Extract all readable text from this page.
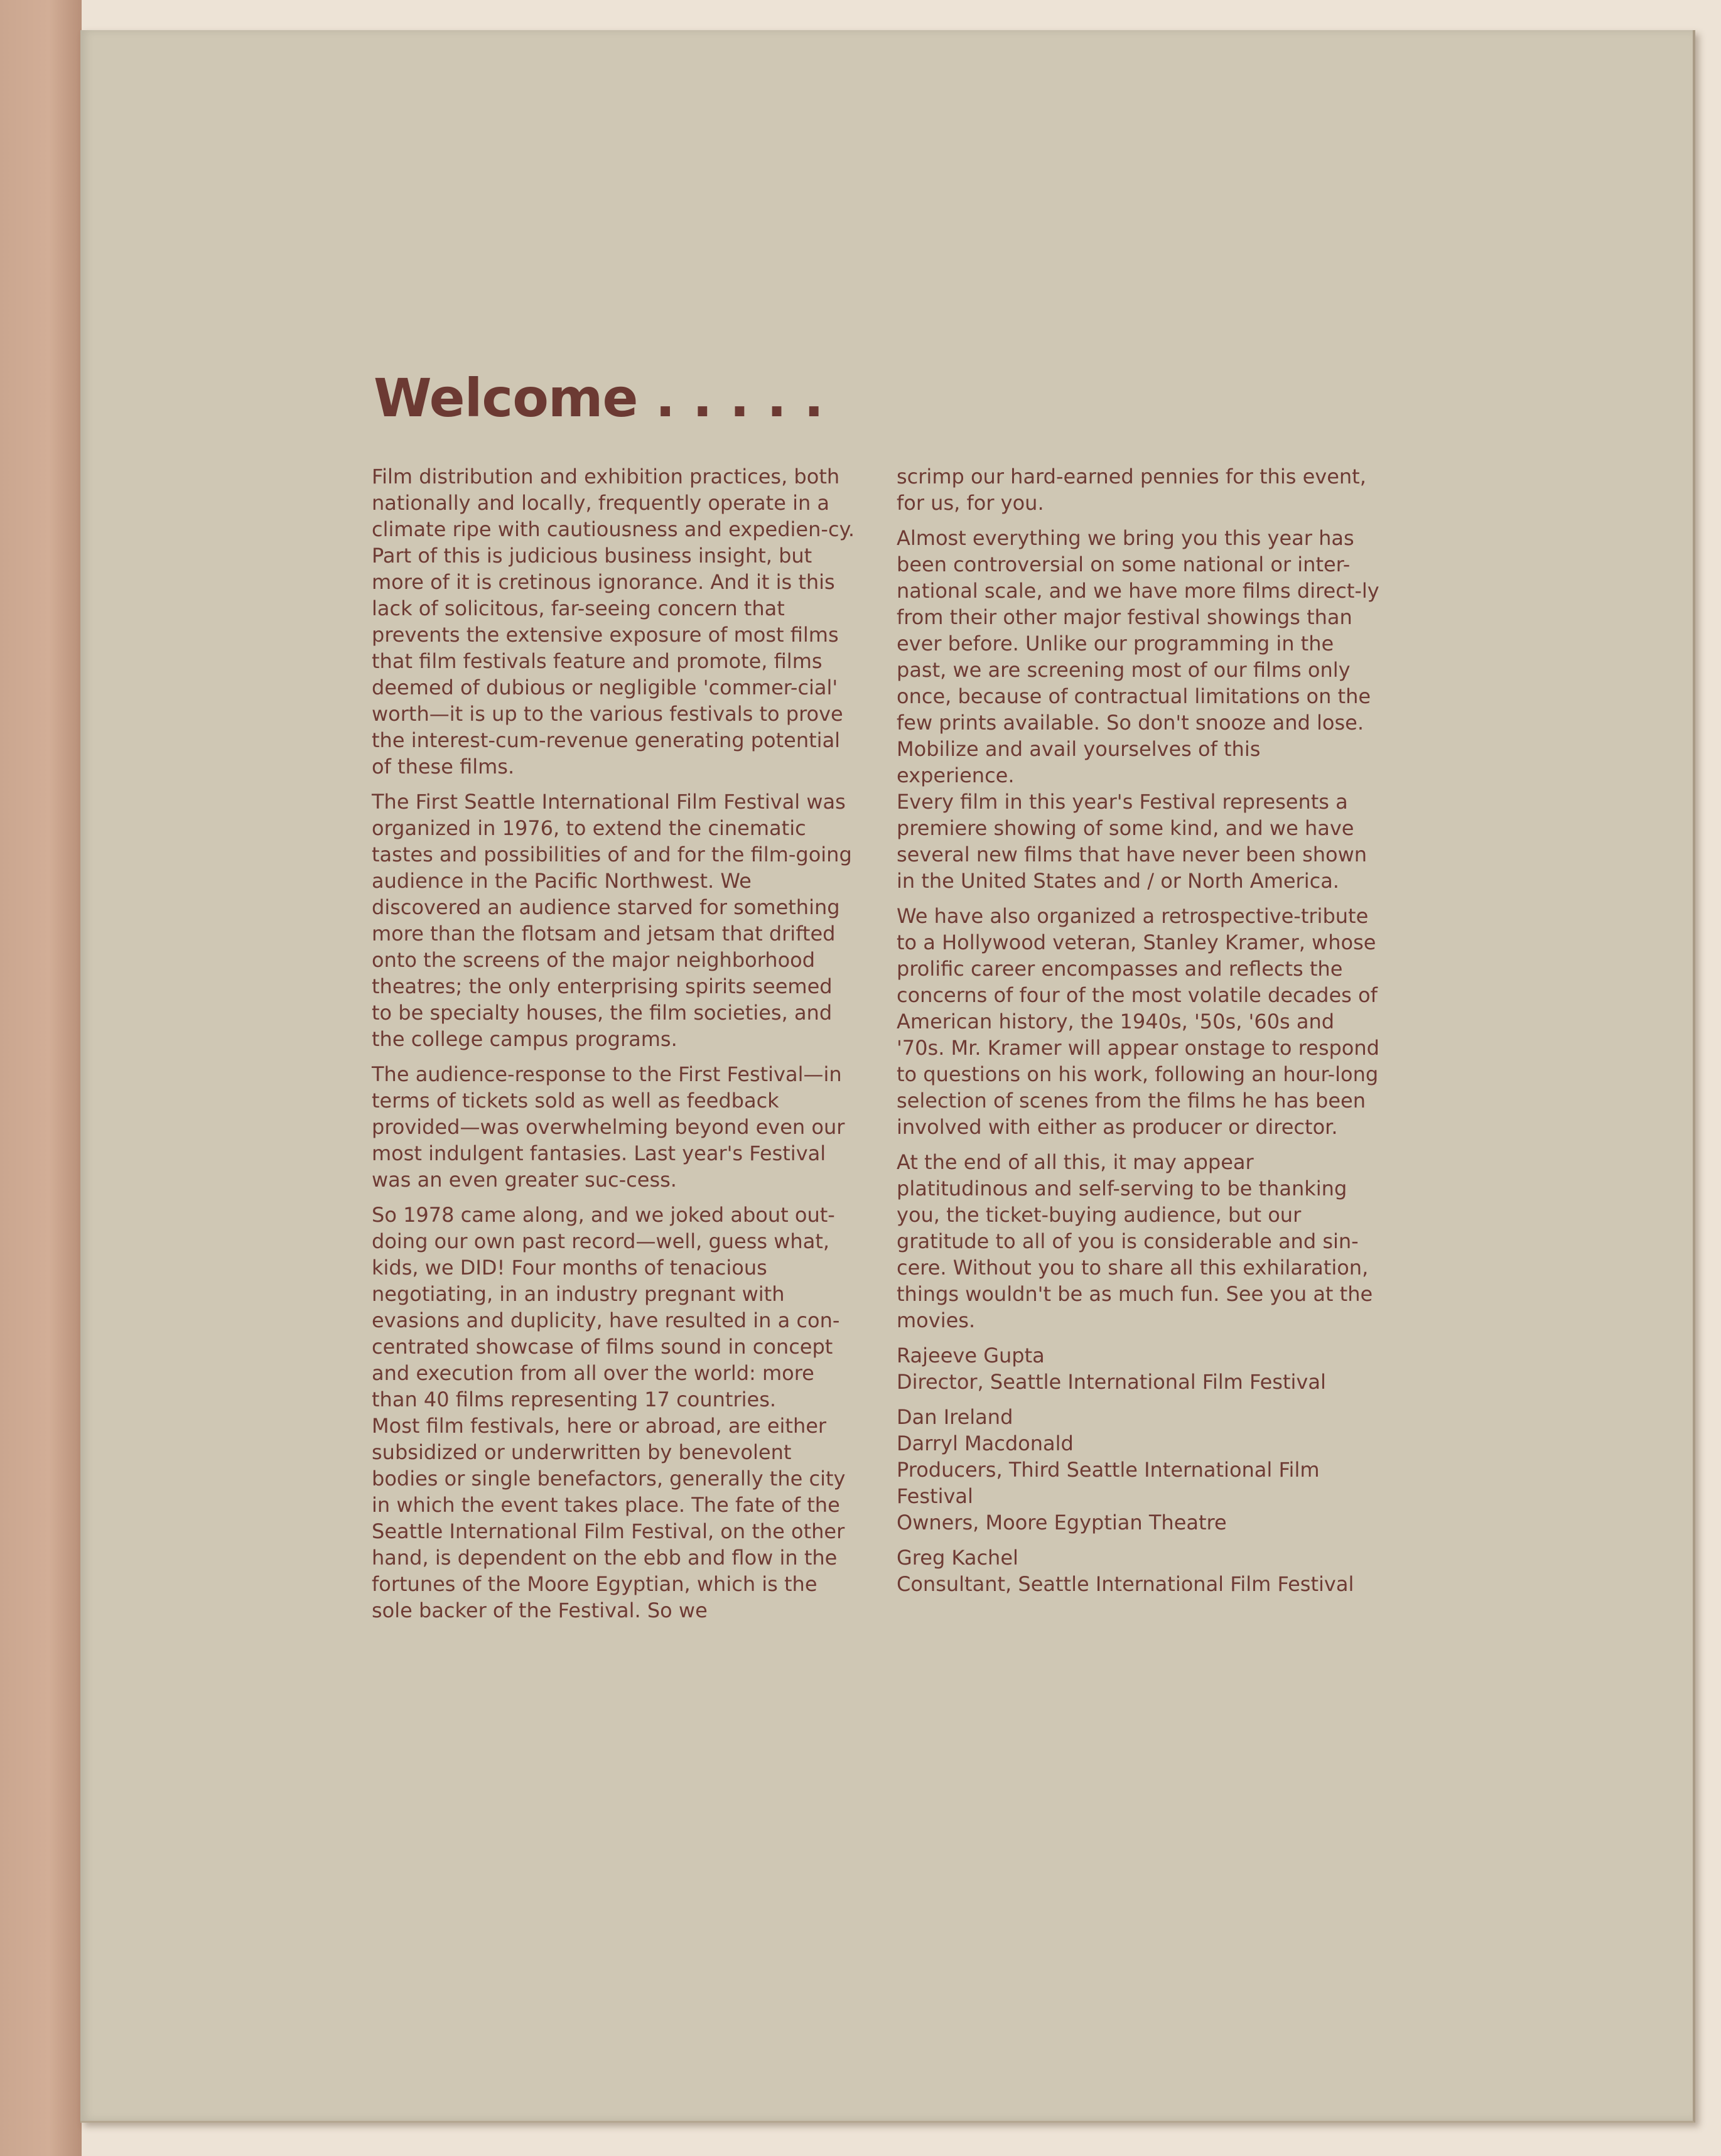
Welcome . . . . .

Film distribution and exhibition practices, both nationally and locally, frequently operate in a climate ripe with cautiousness and expedien-cy. Part of this is judicious business insight, but more of it is cretinous ignorance. And it is this lack of solicitous, far-seeing concern that prevents the extensive exposure of most films that film festivals feature and promote, films deemed of dubious or negligible 'commer-cial' worth—it is up to the various festivals to prove the interest-cum-revenue generating potential of these films.

The First Seattle International Film Festival was organized in 1976, to extend the cinematic tastes and possibilities of and for the film-going audience in the Pacific Northwest. We discovered an audience starved for something more than the flotsam and jetsam that drifted onto the screens of the major neighborhood theatres; the only enterprising spirits seemed to be specialty houses, the film societies, and the college campus programs.

The audience-response to the First Festival—in terms of tickets sold as well as feedback provided—was overwhelming beyond even our most indulgent fantasies. Last year's Festival was an even greater suc-cess.

So 1978 came along, and we joked about out-doing our own past record—well, guess what, kids, we DID! Four months of tenacious negotiating, in an industry pregnant with evasions and duplicity, have resulted in a con-centrated showcase of films sound in concept and execution from all over the world: more than 40 films representing 17 countries.
Most film festivals, here or abroad, are either subsidized or underwritten by benevolent bodies or single benefactors, generally the city in which the event takes place. The fate of the Seattle International Film Festival, on the other hand, is dependent on the ebb and flow in the fortunes of the Moore Egyptian, which is the sole backer of the Festival. So we

scrimp our hard-earned pennies for this event, for us, for you.

Almost everything we bring you this year has been controversial on some national or inter-national scale, and we have more films direct-ly from their other major festival showings than ever before. Unlike our programming in the past, we are screening most of our films only once, because of contractual limitations on the few prints available. So don't snooze and lose. Mobilize and avail yourselves of this experience.
Every film in this year's Festival represents a premiere showing of some kind, and we have several new films that have never been shown in the United States and / or North America.

We have also organized a retrospective-tribute to a Hollywood veteran, Stanley Kramer, whose prolific career encompasses and reflects the concerns of four of the most volatile decades of American history, the 1940s, '50s, '60s and '70s. Mr. Kramer will appear onstage to respond to questions on his work, following an hour-long selection of scenes from the films he has been involved with either as producer or director.

At the end of all this, it may appear platitudinous and self-serving to be thanking you, the ticket-buying audience, but our gratitude to all of you is considerable and sin-cere. Without you to share all this exhilaration, things wouldn't be as much fun. See you at the movies.

Rajeeve Gupta
Director, Seattle International Film Festival
Dan Ireland
Darryl Macdonald
Producers, Third Seattle International Film Festival
Owners, Moore Egyptian Theatre
Greg Kachel
Consultant, Seattle International Film Festival
